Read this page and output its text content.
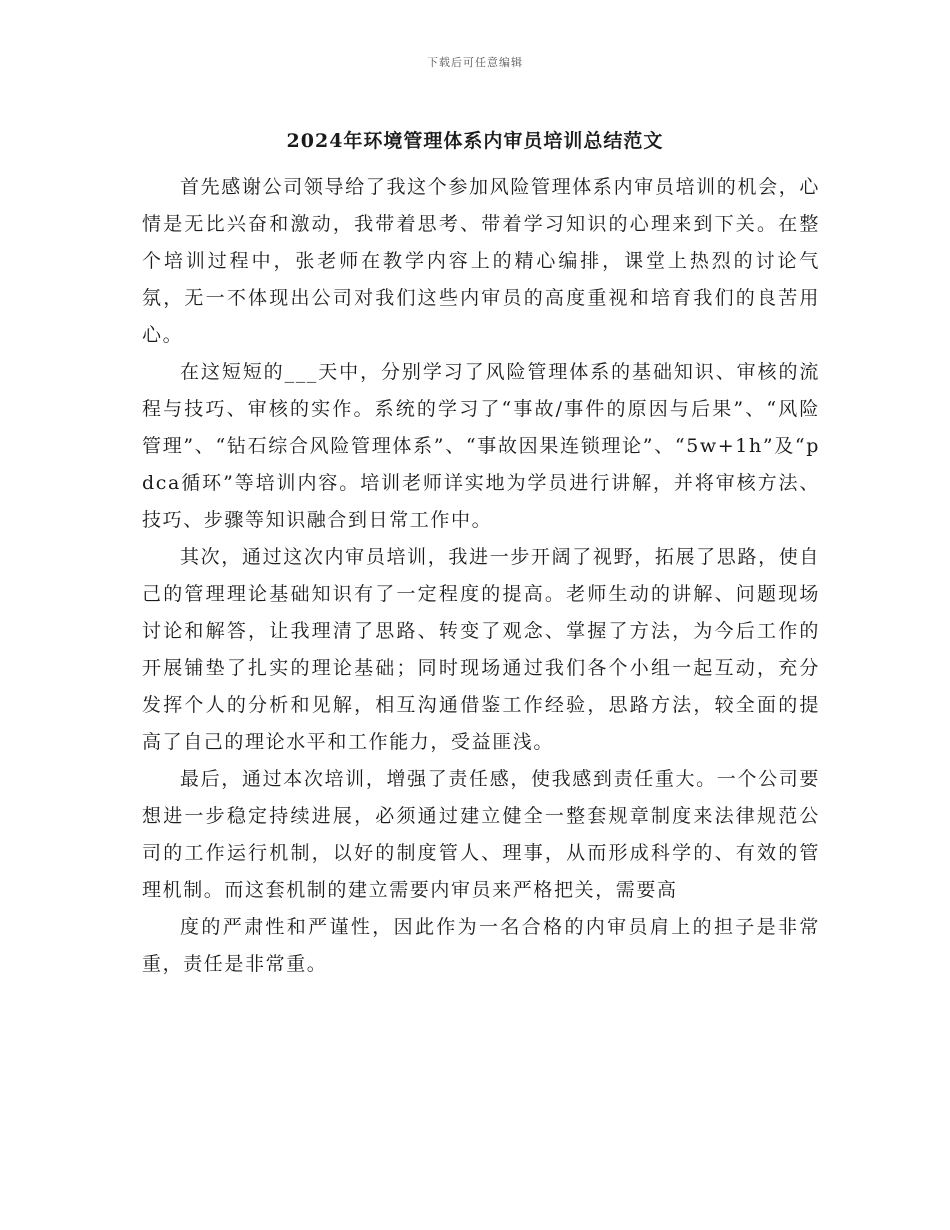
下载后可任意编辑
2024年环境管理体系内审员培训总结范文

首先感谢公司领导给了我这个参加风险管理体系内审员培训的机会，心情是无比兴奋和激动，我带着思考、带着学习知识的心理来到下关。在整个培训过程中，张老师在教学内容上的精心编排，课堂上热烈的讨论气氛，无一不体现出公司对我们这些内审员的高度重视和培育我们的良苦用心。

在这短短的___天中，分别学习了风险管理体系的基础知识、审核的流程与技巧、审核的实作。系统的学习了“事故/事件的原因与后果”、“风险管理”、“钻石综合风险管理体系”、“事故因果连锁理论”、“5w+1h”及“pdca循环”等培训内容。培训老师详实地为学员进行讲解，并将审核方法、技巧、步骤等知识融合到日常工作中。

其次，通过这次内审员培训，我进一步开阔了视野，拓展了思路，使自己的管理理论基础知识有了一定程度的提高。老师生动的讲解、问题现场讨论和解答，让我理清了思路、转变了观念、掌握了方法，为今后工作的开展铺垫了扎实的理论基础；同时现场通过我们各个小组一起互动，充分发挥个人的分析和见解，相互沟通借鉴工作经验，思路方法，较全面的提高了自己的理论水平和工作能力，受益匪浅。

最后，通过本次培训，增强了责任感，使我感到责任重大。一个公司要想进一步稳定持续进展，必须通过建立健全一整套规章制度来法律规范公司的工作运行机制，以好的制度管人、理事，从而形成科学的、有效的管理机制。而这套机制的建立需要内审员来严格把关，需要高

度的严肃性和严谨性，因此作为一名合格的内审员肩上的担子是非常重，责任是非常重。
